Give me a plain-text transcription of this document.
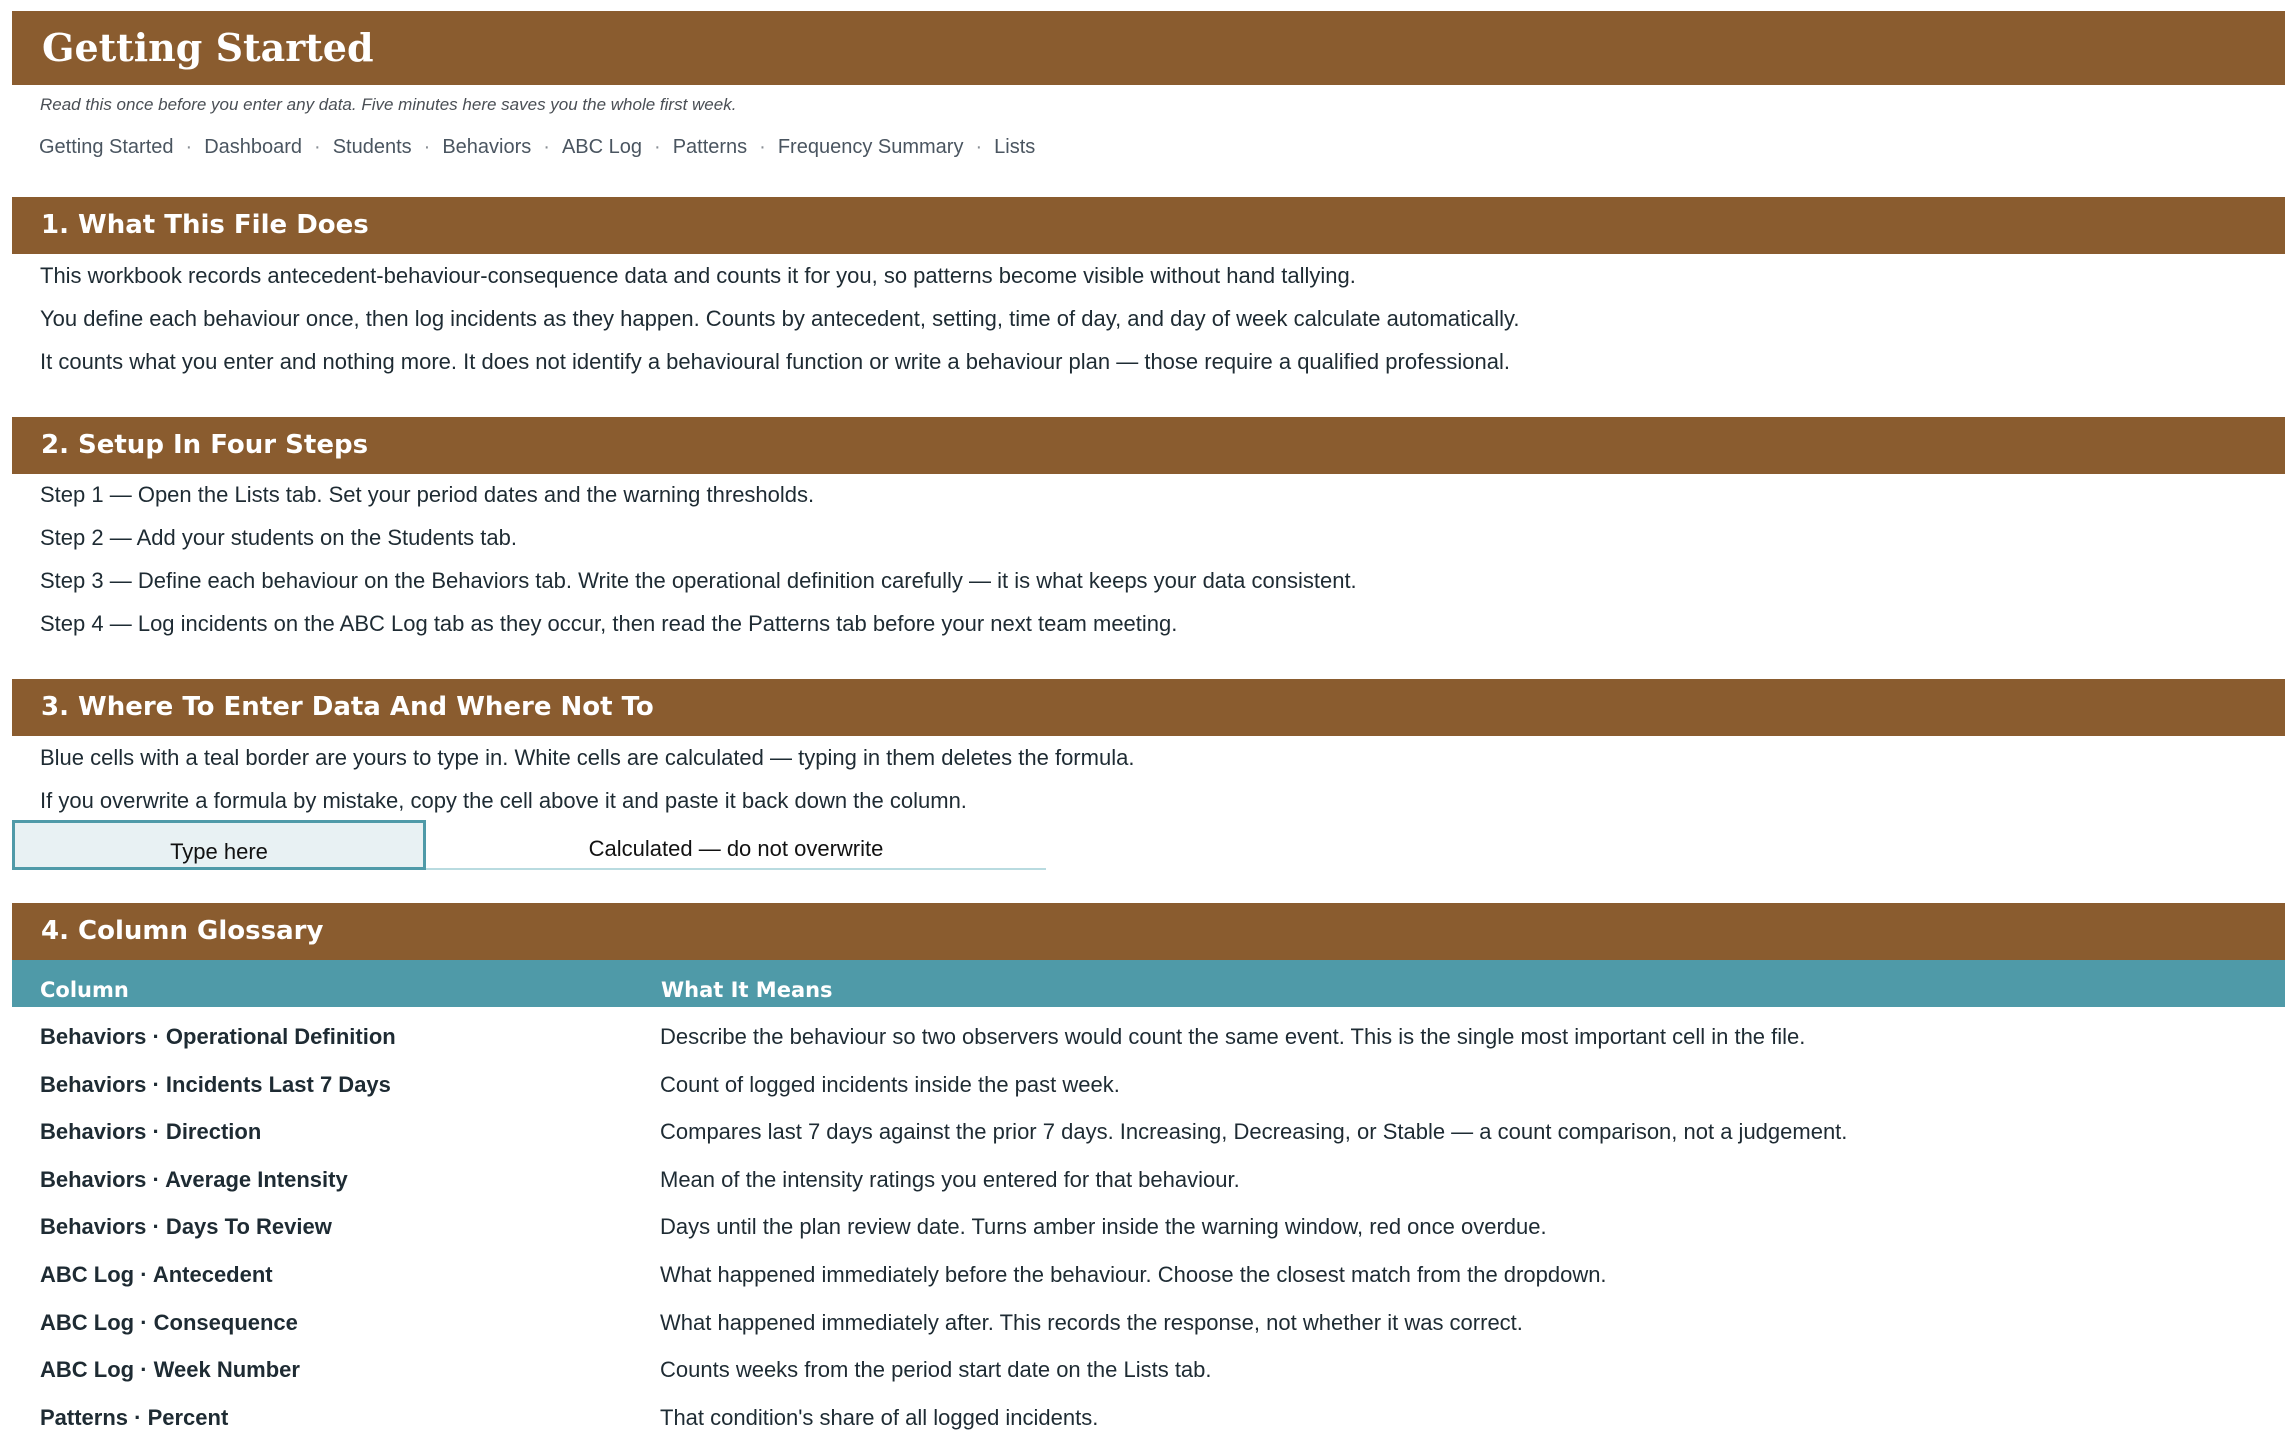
Getting Started
Read this once before you enter any data. Five minutes here saves you the whole first week.
Getting Started · Dashboard · Students · Behaviors · ABC Log · Patterns · Frequency Summary · Lists
1. What This File Does
This workbook records antecedent-behaviour-consequence data and counts it for you, so patterns become visible without hand tallying.
You define each behaviour once, then log incidents as they happen. Counts by antecedent, setting, time of day, and day of week calculate automatically.
It counts what you enter and nothing more. It does not identify a behavioural function or write a behaviour plan — those require a qualified professional.
2. Setup In Four Steps
Step 1 — Open the Lists tab. Set your period dates and the warning thresholds.
Step 2 — Add your students on the Students tab.
Step 3 — Define each behaviour on the Behaviors tab. Write the operational definition carefully — it is what keeps your data consistent.
Step 4 — Log incidents on the ABC Log tab as they occur, then read the Patterns tab before your next team meeting.
3. Where To Enter Data And Where Not To
Blue cells with a teal border are yours to type in. White cells are calculated — typing in them deletes the formula.
If you overwrite a formula by mistake, copy the cell above it and paste it back down the column.
Type here	Calculated — do not overwrite
4. Column Glossary
Column	What It Means
Behaviors · Operational Definition	Describe the behaviour so two observers would count the same event. This is the single most important cell in the file.
Behaviors · Incidents Last 7 Days	Count of logged incidents inside the past week.
Behaviors · Direction	Compares last 7 days against the prior 7 days. Increasing, Decreasing, or Stable — a count comparison, not a judgement.
Behaviors · Average Intensity	Mean of the intensity ratings you entered for that behaviour.
Behaviors · Days To Review	Days until the plan review date. Turns amber inside the warning window, red once overdue.
ABC Log · Antecedent	What happened immediately before the behaviour. Choose the closest match from the dropdown.
ABC Log · Consequence	What happened immediately after. This records the response, not whether it was correct.
ABC Log · Week Number	Counts weeks from the period start date on the Lists tab.
Patterns · Percent	That condition's share of all logged incidents.
